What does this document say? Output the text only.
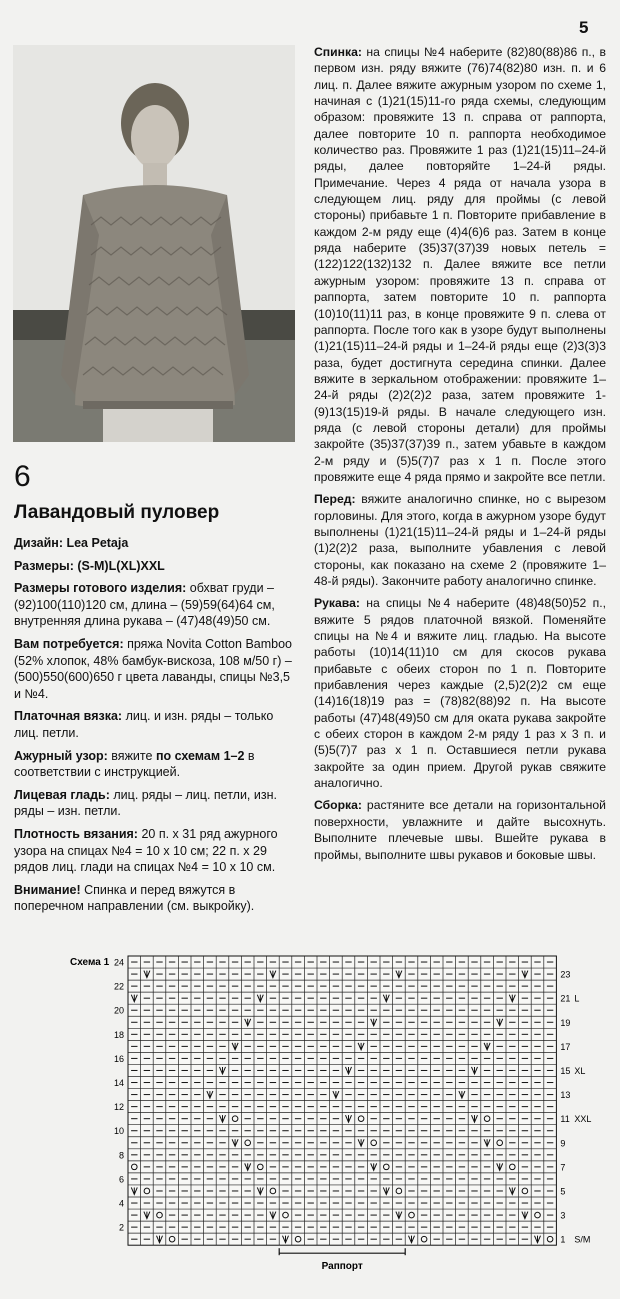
5
6
Лавандовый пуловер

Дизайн: Lea Petaja

Размеры: (S-M)L(XL)XXL

Размеры готового изделия: обхват груди – (92)100(110)120 см, длина – (59)59(64)64 см, внутренняя длина рукава – (47)48(49)50 см.

Вам потребуется: пряжа Novita Cotton Bamboo (52% хлопок, 48% бамбук-вискоза, 108 м/50 г) – (500)550(600)650 г цвета лаванды, спицы №3,5 и №4.

Платочная вязка: лиц. и изн. ряды – только лиц. петли.

Ажурный узор: вяжите по схемам 1–2 в соответствии с инструкцией.

Лицевая гладь: лиц. ряды – лиц. петли, изн. ряды – изн. петли.

Плотность вязания: 20 п. х 31 ряд ажурного узора на спицах №4 = 10 х 10 см; 22 п. х 29 рядов лиц. глади на спицах №4 = 10 х 10 см.

Внимание! Спинка и перед вяжутся в поперечном направлении (см. выкройку).

Спинка: на спицы №4 наберите (82)80(88)86 п., в первом изн. ряду вяжите (76)74(82)80 изн. п. и 6 лиц. п. Далее вяжите ажурным узором по схеме 1, начиная с (1)21(15)11-го ряда схемы, следующим образом: провяжите 13 п. справа от раппорта, далее повторите 10 п. раппорта необходимое количество раз. Провяжите 1 раз (1)21(15)11–24-й ряды, далее повторяйте 1–24-й ряды. Примечание. Через 4 ряда от начала узора в следующем лиц. ряду для проймы (с левой стороны) прибавьте 1 п. Повторите прибавление в каждом 2-м ряду еще (4)4(6)6 раз. Затем в конце ряда наберите (35)37(37)39 новых петель = (122)122(132)132 п. Далее вяжите все петли ажурным узором: провяжите 13 п. справа от раппорта, затем повторите 10 п. раппорта (10)10(11)11 раз, в конце провяжите 9 п. слева от раппорта. После того как в узоре будут выполнены (1)21(15)11–24-й ряды и 1–24-й ряды еще (2)3(3)3 раза, будет достигнута середина спинки. Далее вяжите в зеркальном отображении: провяжите 1–24-й ряды (2)2(2)2 раза, затем провяжите 1-(9)13(15)19-й ряды. В начале следующего изн. ряда (с левой стороны детали) для проймы закройте (35)37(37)39 п., затем убавьте в каждом 2-м ряду и (5)5(7)7 раз х 1 п. После этого провяжите еще 4 ряда прямо и закройте все петли.

Перед: вяжите аналогично спинке, но с вырезом горловины. Для этого, когда в ажурном узоре будут выполнены (1)21(15)11–24-й ряды и 1–24-й ряды (1)2(2)2 раза, выполните убавления с левой стороны, как показано на схеме 2 (провяжите 1–48-й ряды). Закончите работу аналогично спинке.

Рукава: на спицы №4 наберите (48)48(50)52 п., вяжите 5 рядов платочной вязкой. Поменяйте спицы на №4 и вяжите лиц. гладью. На высоте работы (10)14(11)10 см для скосов рукава прибавьте с обеих сторон по 1 п. Повторите прибавления через каждые (2,5)2(2)2 см еще (14)16(18)19 раз = (78)82(88)92 п. На высоте работы (47)48(49)50 см для оката рукава закройте с обеих сторон в каждом 2-м ряду 1 раз х 3 п. и (5)5(7)7 раз х 1 п. Оставшиеся петли рукава закройте за один прием. Другой рукав свяжите аналогично.

Сборка: растяните все детали на горизонтальной поверхности, увлажните и дайте высохнуть. Выполните плечевые швы. Вшейте рукава в проймы, выполните швы рукавов и боковые швы.

Схема 1 24
22
20
18
16
14
12
10
8
6
4
2
23
21
19
17
15
13
11
9
7
5
3
1
L
XL
XXL
S/M
Раппорт
